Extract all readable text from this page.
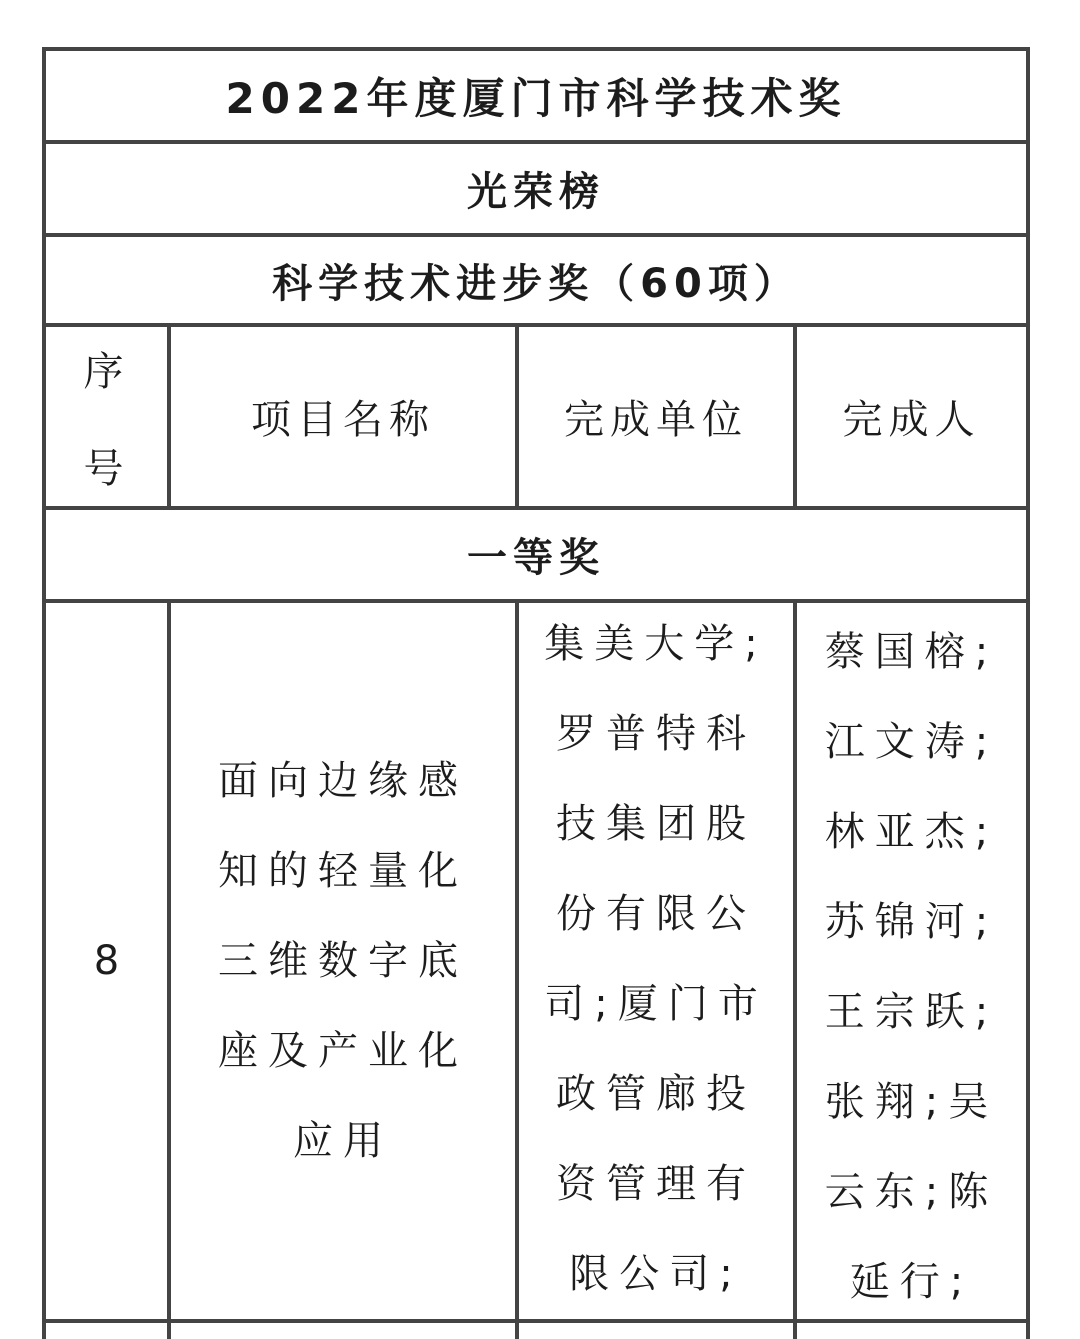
2022年度厦门市科学技术奖
光荣榜
科学技术进步奖（60项）
序
号
项目名称	完成单位 完成人
一等奖
8
面向边缘感
知的轻量化
三维数字底
座及产业化
应用
集美大学;
罗普特科
技集团股
份有限公
司;厦门市
政管廊投
资管理有
限公司;
蔡国榕;
江文涛;
林亚杰;
苏锦河;
王宗跃;
张翔;吴
云东;陈
延行;
